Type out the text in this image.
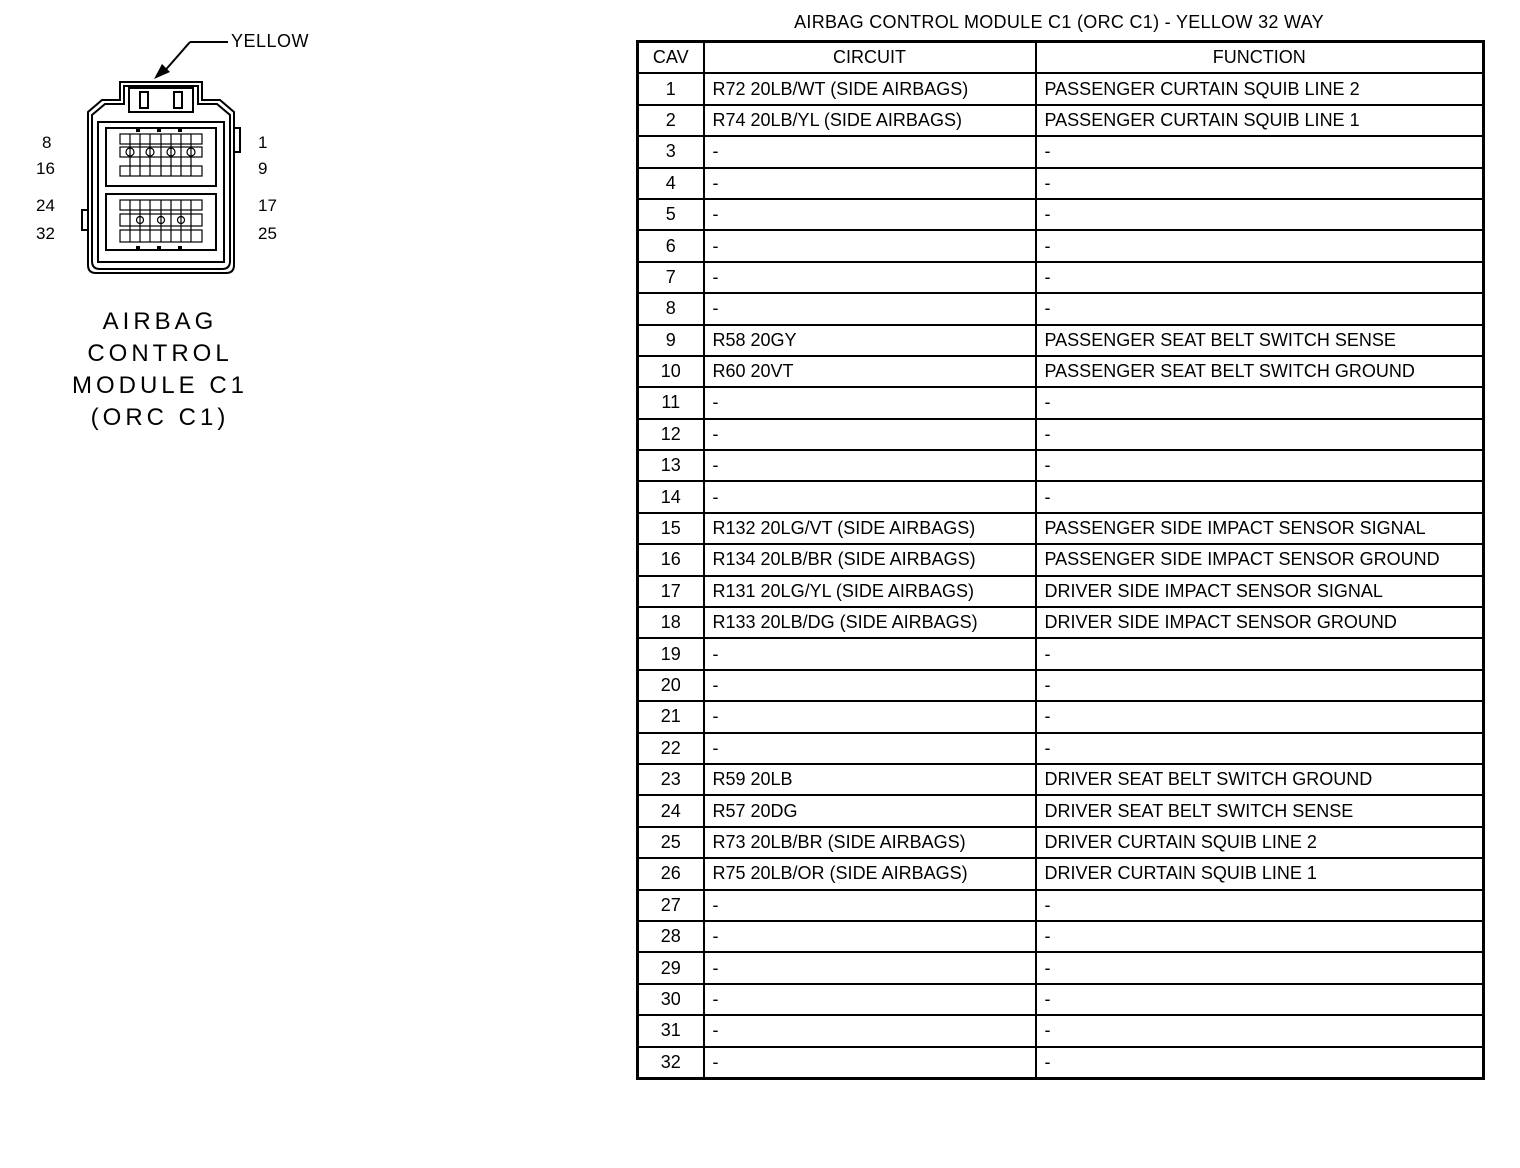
YELLOW
8
16
24
32
1
9
17
25
AIRBAG
CONTROL
MODULE C1
(ORC C1)
AIRBAG CONTROL MODULE C1 (ORC C1) - YELLOW 32 WAY
CAV	CIRCUIT	FUNCTION
1	R72 20LB/WT (SIDE AIRBAGS)	PASSENGER CURTAIN SQUIB LINE 2
2	R74 20LB/YL (SIDE AIRBAGS)	PASSENGER CURTAIN SQUIB LINE 1
3	-	-
4	-	-
5	-	-
6	-	-
7	-	-
8	-	-
9	R58 20GY	PASSENGER SEAT BELT SWITCH SENSE
10	R60 20VT	PASSENGER SEAT BELT SWITCH GROUND
11	-	-
12	-	-
13	-	-
14	-	-
15	R132 20LG/VT (SIDE AIRBAGS)	PASSENGER SIDE IMPACT SENSOR SIGNAL
16	R134 20LB/BR (SIDE AIRBAGS)	PASSENGER SIDE IMPACT SENSOR GROUND
17	R131 20LG/YL (SIDE AIRBAGS)	DRIVER SIDE IMPACT SENSOR SIGNAL
18	R133 20LB/DG (SIDE AIRBAGS)	DRIVER SIDE IMPACT SENSOR GROUND
19	-	-
20	-	-
21	-	-
22	-	-
23	R59 20LB	DRIVER SEAT BELT SWITCH GROUND
24	R57 20DG	DRIVER SEAT BELT SWITCH SENSE
25	R73 20LB/BR (SIDE AIRBAGS)	DRIVER CURTAIN SQUIB LINE 2
26	R75 20LB/OR (SIDE AIRBAGS)	DRIVER CURTAIN SQUIB LINE 1
27	-	-
28	-	-
29	-	-
30	-	-
31	-	-
32	-	-
